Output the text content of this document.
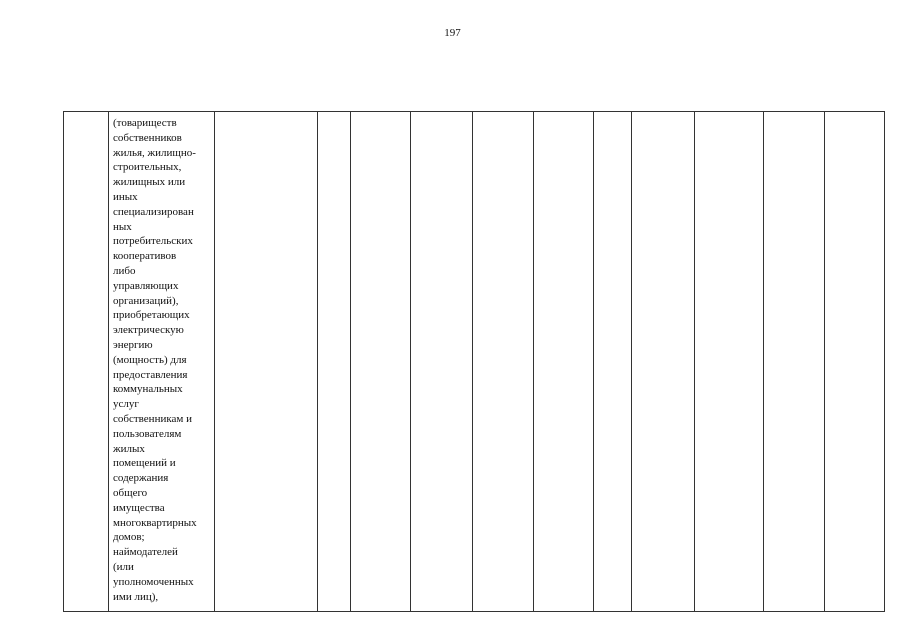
197

(товариществ
собственников
жилья, жилищно-
строительных,
жилищных или
иных
специализирован
ных
потребительских
кооперативов
либо
управляющих
организаций),
приобретающих
электрическую
энергию
(мощность) для
предоставления
коммунальных
услуг
собственникам и
пользователям
жилых
помещений и
содержания
общего
имущества
многоквартирных
домов;
наймодателей
(или
уполномоченных
ими лиц),
